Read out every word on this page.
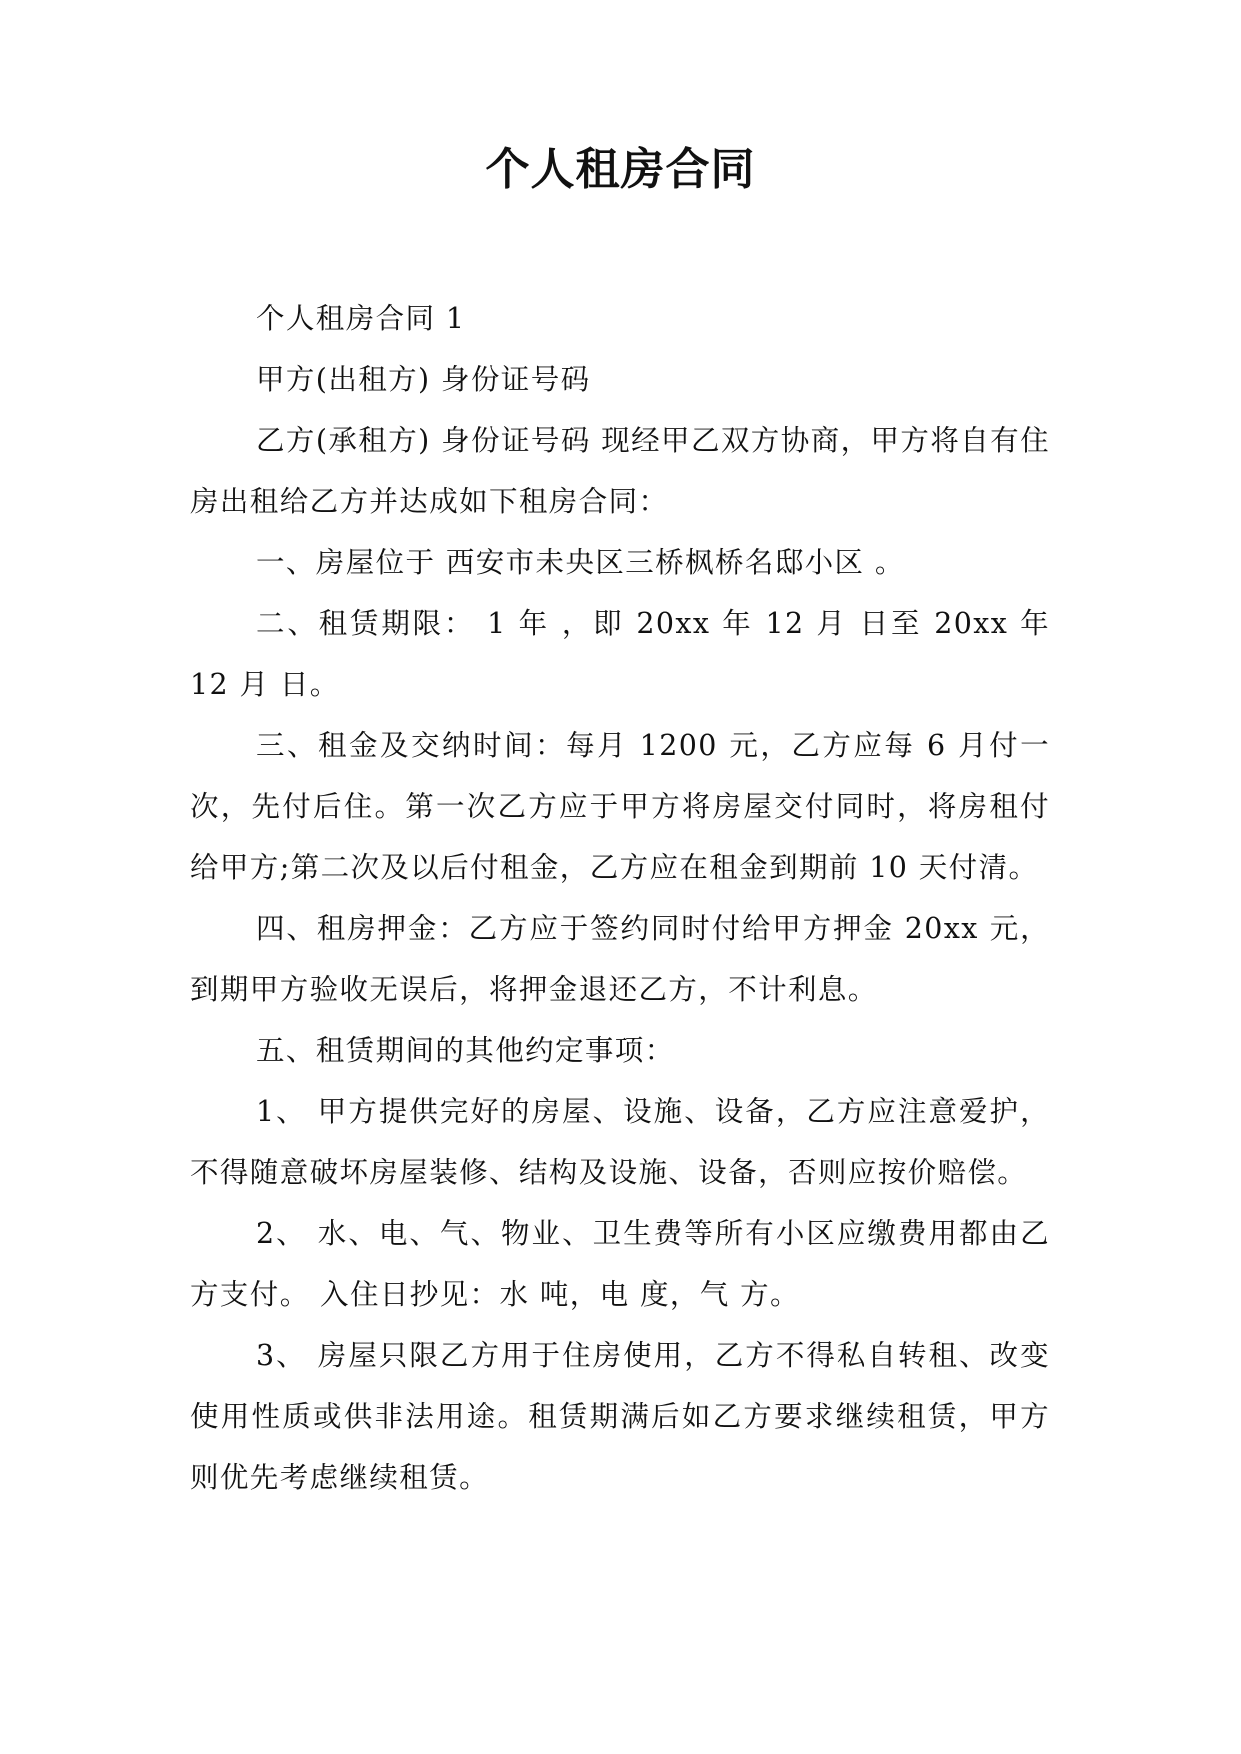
个人租房合同

个人租房合同 1

甲方(出租方) 身份证号码

乙方(承租方) 身份证号码 现经甲乙双方协商，甲方将自有住房出租给乙方并达成如下租房合同：

一、房屋位于 西安市未央区三桥枫桥名邸小区 。

二、租赁期限： 1 年 ，即 20xx 年 12 月 日至 20xx 年 12 月 日。

三、租金及交纳时间：每月 1200 元，乙方应每 6 月付一次，先付后住。第一次乙方应于甲方将房屋交付同时，将房租付给甲方;第二次及以后付租金，乙方应在租金到期前 10 天付清。

四、租房押金：乙方应于签约同时付给甲方押金 20xx 元，到期甲方验收无误后，将押金退还乙方，不计利息。

五、租赁期间的其他约定事项：

1、 甲方提供完好的房屋、设施、设备，乙方应注意爱护，不得随意破坏房屋装修、结构及设施、设备，否则应按价赔偿。

2、 水、电、气、物业、卫生费等所有小区应缴费用都由乙方支付。 入住日抄见：水 吨，电 度，气 方。

3、 房屋只限乙方用于住房使用，乙方不得私自转租、改变使用性质或供非法用途。租赁期满后如乙方要求继续租赁，甲方则优先考虑继续租赁。
